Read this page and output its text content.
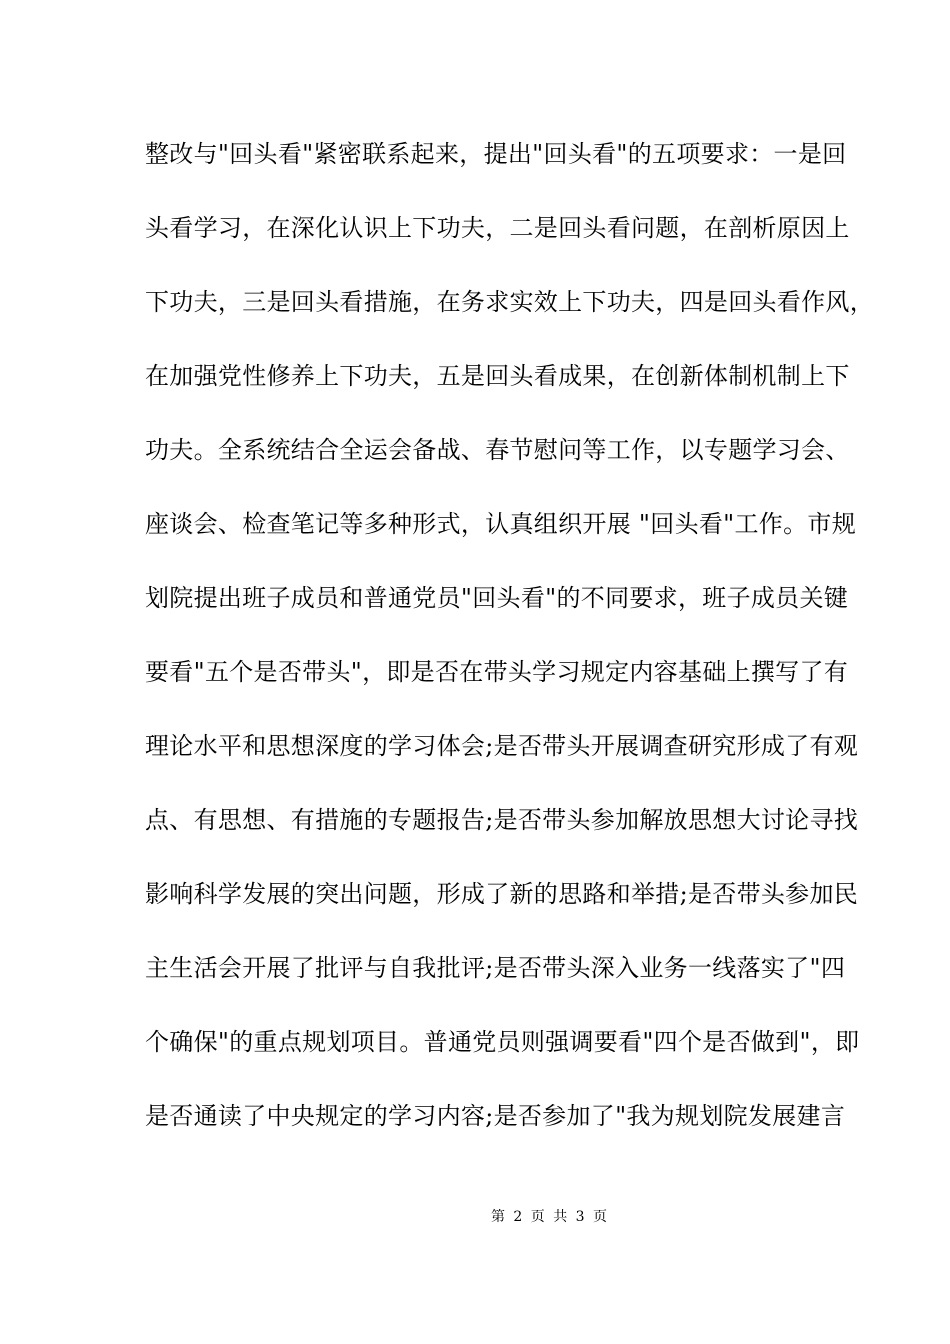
整改与"回头看"紧密联系起来，提出"回头看"的五项要求：一是回
头看学习，在深化认识上下功夫，二是回头看问题，在剖析原因上
下功夫，三是回头看措施，在务求实效上下功夫，四是回头看作风，
在加强党性修养上下功夫，五是回头看成果，在创新体制机制上下
功夫。全系统结合全运会备战、春节慰问等工作，以专题学习会、
座谈会、检查笔记等多种形式，认真组织开展 "回头看"工作。市规
划院提出班子成员和普通党员"回头看"的不同要求，班子成员关键
要看"五个是否带头"，即是否在带头学习规定内容基础上撰写了有
理论水平和思想深度的学习体会;是否带头开展调查研究形成了有观
点、有思想、有措施的专题报告;是否带头参加解放思想大讨论寻找
影响科学发展的突出问题，形成了新的思路和举措;是否带头参加民
主生活会开展了批评与自我批评;是否带头深入业务一线落实了"四
个确保"的重点规划项目。普通党员则强调要看"四个是否做到"，即
是否通读了中央规定的学习内容;是否参加了"我为规划院发展建言
第 2 页 共 3 页
